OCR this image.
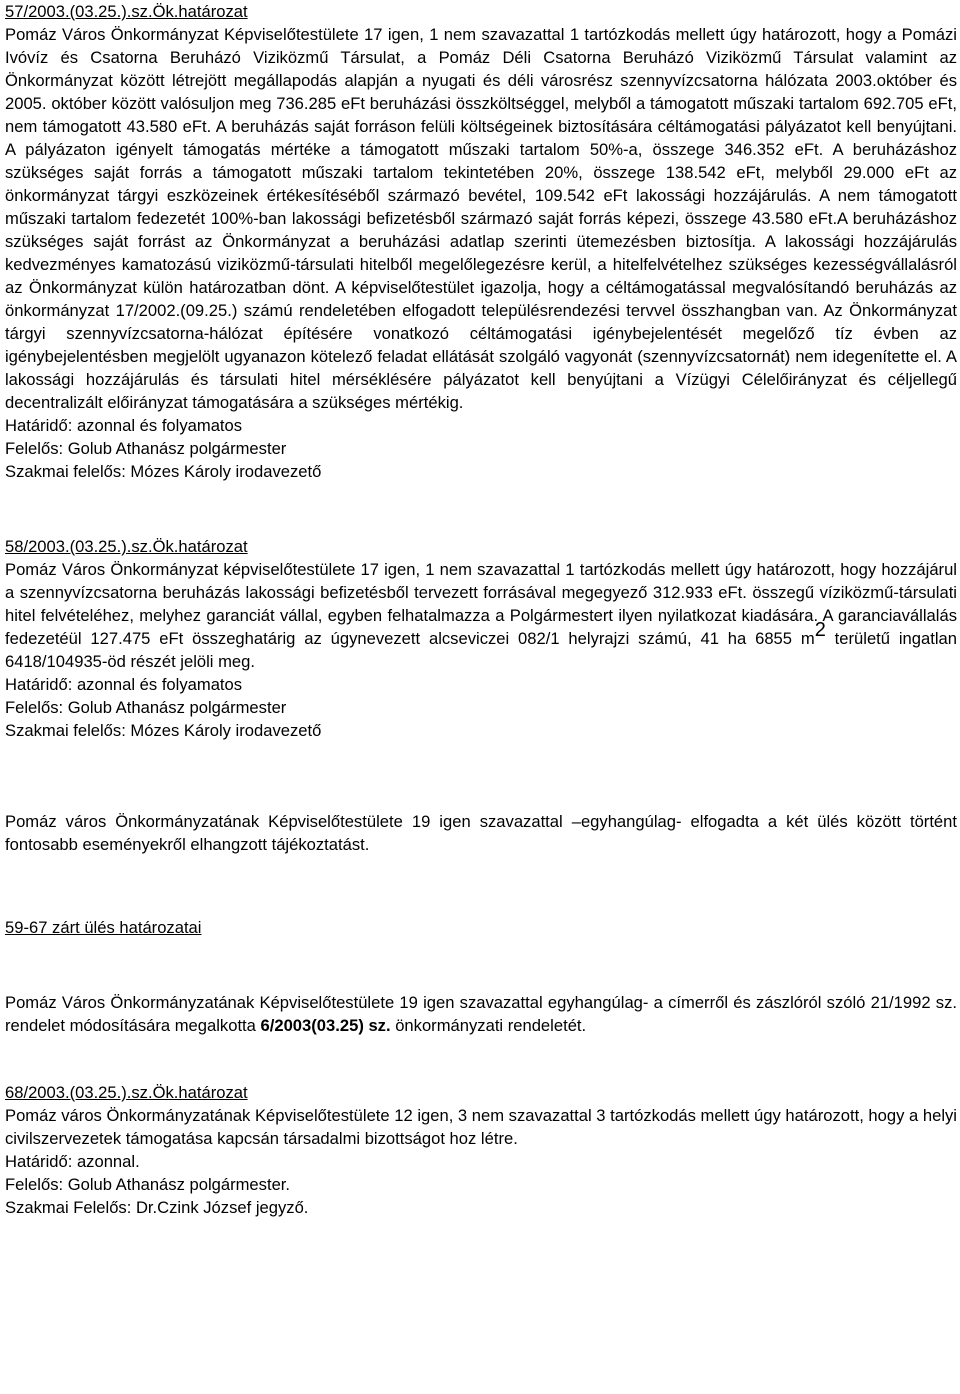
57/2003.(03.25.).sz.Ök.határozat

Pomáz Város Önkormányzat Képviselőtestülete 17 igen, 1 nem szavazattal 1 tartózkodás mellett úgy határozott, hogy a Pomázi Ivóvíz és Csatorna Beruházó Viziközmű Társulat, a Pomáz Déli Csatorna Beruházó Viziközmű Társulat valamint az Önkormányzat között létrejött megállapodás alapján a nyugati és déli városrész szennyvízcsatorna hálózata 2003.október és 2005. október között valósuljon meg 736.285 eFt beruházási összköltséggel, melyből a támogatott műszaki tartalom 692.705 eFt, nem támogatott 43.580 eFt. A beruházás saját forráson felüli költségeinek biztosítására céltámogatási pályázatot kell benyújtani. A pályázaton igényelt támogatás mértéke a támogatott műszaki tartalom 50%-a, összege 346.352 eFt. A beruházáshoz szükséges saját forrás a támogatott műszaki tartalom tekintetében 20%, összege 138.542 eFt, melyből 29.000 eFt az önkormányzat tárgyi eszközeinek értékesítéséből származó bevétel, 109.542 eFt lakossági hozzájárulás. A nem támogatott műszaki tartalom fedezetét 100%-ban lakossági befizetésből származó saját forrás képezi, összege 43.580 eFt.A beruházáshoz szükséges saját forrást az Önkormányzat a beruházási adatlap szerinti ütemezésben biztosítja. A lakossági hozzájárulás kedvezményes kamatozású viziközmű-társulati hitelből megelőlegezésre kerül, a hitelfelvételhez szükséges kezességvállalásról az Önkormányzat külön határozatban dönt. A képviselőtestület igazolja, hogy a céltámogatással megvalósítandó beruházás az önkormányzat 17/2002.(09.25.) számú rendeletében elfogadott településrendezési tervvel összhangban van. Az Önkormányzat tárgyi szennyvízcsatorna-hálózat építésére vonatkozó céltámogatási igénybejelentését megelőző tíz évben az igénybejelentésben megjelölt ugyanazon kötelező feladat ellátását szolgáló vagyonát (szennyvízcsatornát) nem idegenítette el. A lakossági hozzájárulás és társulati hitel mérséklésére pályázatot kell benyújtani a Vízügyi Célelőirányzat és céljellegű decentralizált előirányzat támogatására a szükséges mértékig.

Határidő: azonnal és folyamatos
Felelős: Golub Athanász polgármester
Szakmai felelős: Mózes Károly irodavezető
58/2003.(03.25.).sz.Ök.határozat

Pomáz Város Önkormányzat képviselőtestülete 17 igen, 1 nem szavazattal 1 tartózkodás mellett úgy határozott, hogy hozzájárul a szennyvízcsatorna beruházás lakossági befizetésből tervezett forrásával megegyező 312.933 eFt. összegű víziközmű-társulati hitel felvételéhez, melyhez garanciát vállal, egyben felhatalmazza a Polgármestert ilyen nyilatkozat kiadására. A garanciavállalás fedezetéül 127.475 eFt összeghatárig az úgynevezett alcseviczei 082/1 helyrajzi számú, 41 ha 6855 $m^2$ területű ingatlan 6418/104935-öd részét jelöli meg.

Határidő: azonnal és folyamatos
Felelős: Golub Athanász polgármester
Szakmai felelős: Mózes Károly irodavezető

Pomáz város Önkormányzatának Képviselőtestülete 19 igen szavazattal –egyhangúlag- elfogadta a két ülés között történt fontosabb eseményekről elhangzott tájékoztatást.

59-67 zárt ülés határozatai

Pomáz Város Önkormányzatának Képviselőtestülete 19 igen szavazattal egyhangúlag- a címerről és zászlóról szóló 21/1992 sz. rendelet módosítására megalkotta 6/2003(03.25) sz. önkormányzati rendeletét.

68/2003.(03.25.).sz.Ök.határozat

Pomáz város Önkormányzatának Képviselőtestülete 12 igen, 3 nem szavazattal 3 tartózkodás mellett úgy határozott, hogy a helyi civilszervezetek támogatása kapcsán társadalmi bizottságot hoz létre.

Határidő: azonnal.
Felelős: Golub Athanász polgármester.
Szakmai Felelős: Dr.Czink József jegyző.
